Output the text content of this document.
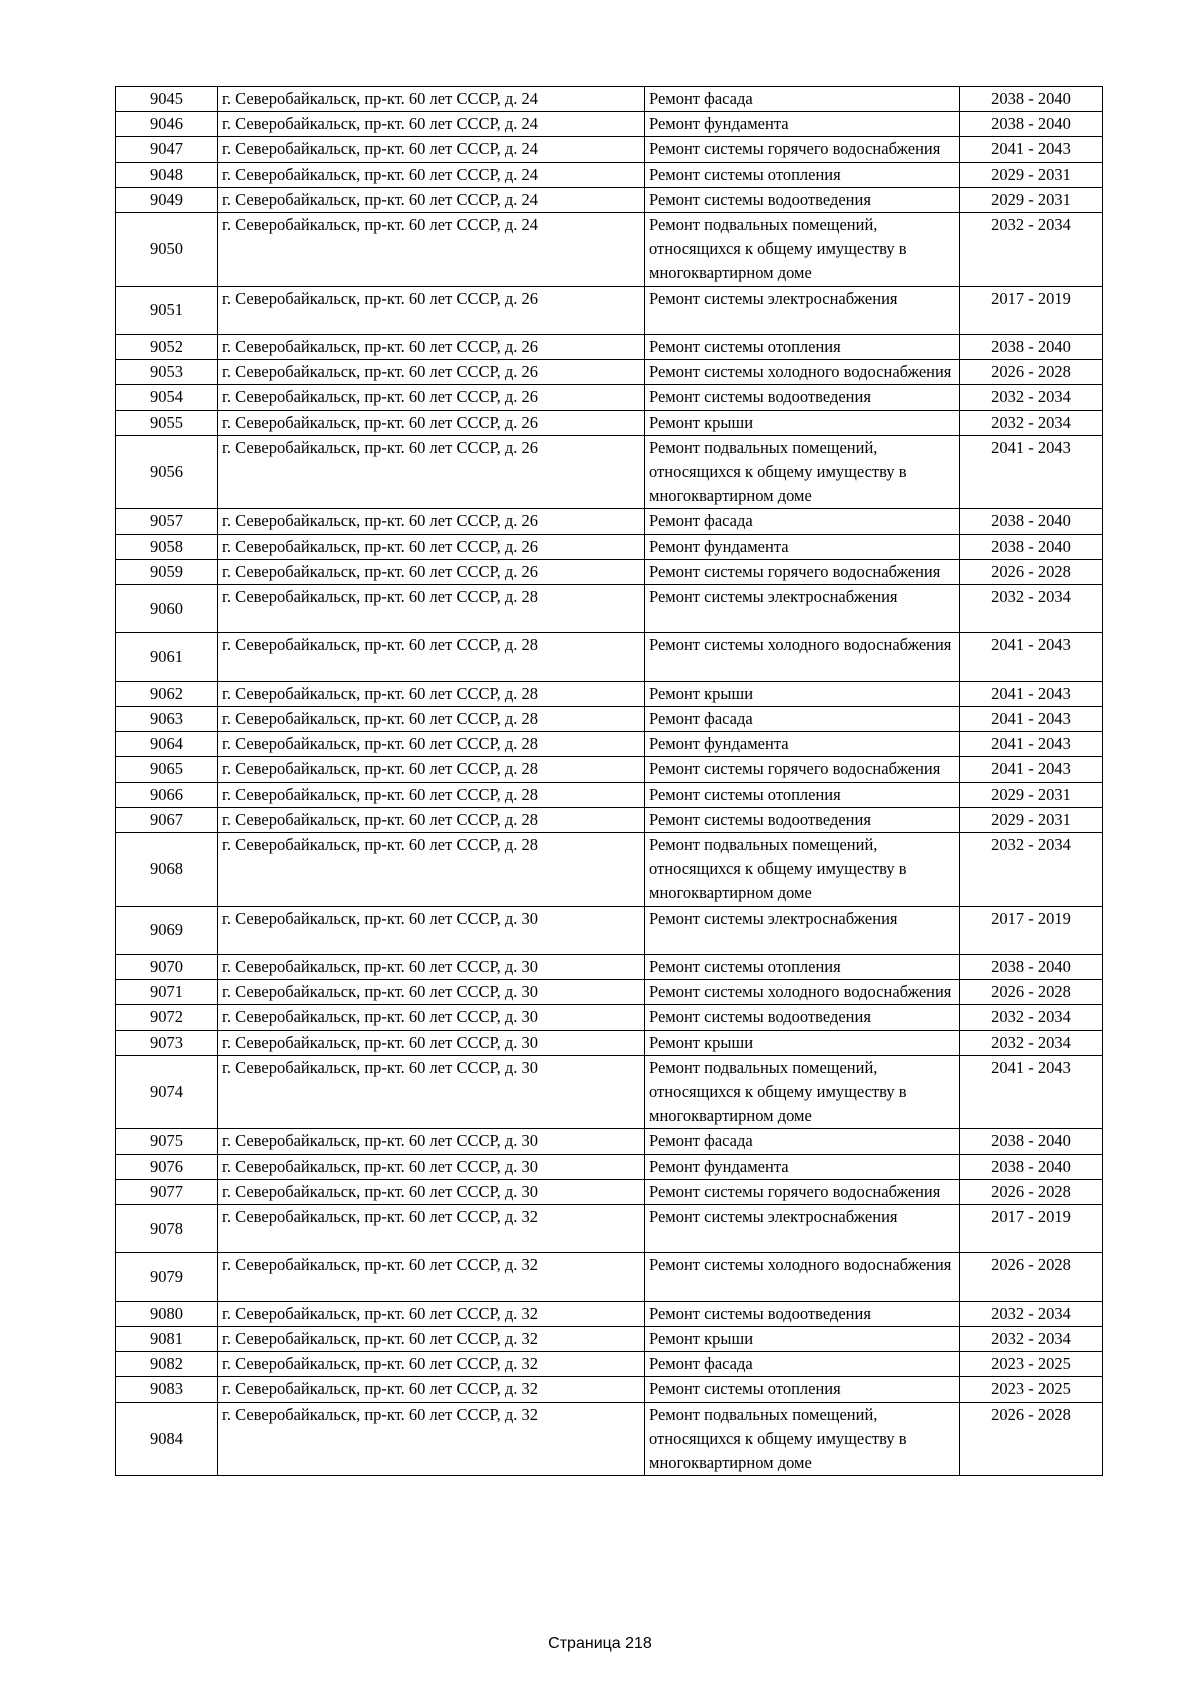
9045	г. Северобайкальск, пр-кт. 60 лет СССР, д. 24	Ремонт фасада	2038 - 2040
9046	г. Северобайкальск, пр-кт. 60 лет СССР, д. 24	Ремонт фундамента	2038 - 2040
9047	г. Северобайкальск, пр-кт. 60 лет СССР, д. 24	Ремонт системы горячего водоснабжения	2041 - 2043
9048	г. Северобайкальск, пр-кт. 60 лет СССР, д. 24	Ремонт системы отопления	2029 - 2031
9049	г. Северобайкальск, пр-кт. 60 лет СССР, д. 24	Ремонт системы водоотведения	2029 - 2031
9050	г. Северобайкальск, пр-кт. 60 лет СССР, д. 24	Ремонт подвальных помещений, относящихся к общему имуществу в многоквартирном доме	2032 - 2034
9051	г. Северобайкальск, пр-кт. 60 лет СССР, д. 26	Ремонт системы электроснабжения	2017 - 2019
9052	г. Северобайкальск, пр-кт. 60 лет СССР, д. 26	Ремонт системы отопления	2038 - 2040
9053	г. Северобайкальск, пр-кт. 60 лет СССР, д. 26	Ремонт системы холодного водоснабжения	2026 - 2028
9054	г. Северобайкальск, пр-кт. 60 лет СССР, д. 26	Ремонт системы водоотведения	2032 - 2034
9055	г. Северобайкальск, пр-кт. 60 лет СССР, д. 26	Ремонт крыши	2032 - 2034
9056	г. Северобайкальск, пр-кт. 60 лет СССР, д. 26	Ремонт подвальных помещений, относящихся к общему имуществу в многоквартирном доме	2041 - 2043
9057	г. Северобайкальск, пр-кт. 60 лет СССР, д. 26	Ремонт фасада	2038 - 2040
9058	г. Северобайкальск, пр-кт. 60 лет СССР, д. 26	Ремонт фундамента	2038 - 2040
9059	г. Северобайкальск, пр-кт. 60 лет СССР, д. 26	Ремонт системы горячего водоснабжения	2026 - 2028
9060	г. Северобайкальск, пр-кт. 60 лет СССР, д. 28	Ремонт системы электроснабжения	2032 - 2034
9061	г. Северобайкальск, пр-кт. 60 лет СССР, д. 28	Ремонт системы холодного водоснабжения	2041 - 2043
9062	г. Северобайкальск, пр-кт. 60 лет СССР, д. 28	Ремонт крыши	2041 - 2043
9063	г. Северобайкальск, пр-кт. 60 лет СССР, д. 28	Ремонт фасада	2041 - 2043
9064	г. Северобайкальск, пр-кт. 60 лет СССР, д. 28	Ремонт фундамента	2041 - 2043
9065	г. Северобайкальск, пр-кт. 60 лет СССР, д. 28	Ремонт системы горячего водоснабжения	2041 - 2043
9066	г. Северобайкальск, пр-кт. 60 лет СССР, д. 28	Ремонт системы отопления	2029 - 2031
9067	г. Северобайкальск, пр-кт. 60 лет СССР, д. 28	Ремонт системы водоотведения	2029 - 2031
9068	г. Северобайкальск, пр-кт. 60 лет СССР, д. 28	Ремонт подвальных помещений, относящихся к общему имуществу в многоквартирном доме	2032 - 2034
9069	г. Северобайкальск, пр-кт. 60 лет СССР, д. 30	Ремонт системы электроснабжения	2017 - 2019
9070	г. Северобайкальск, пр-кт. 60 лет СССР, д. 30	Ремонт системы отопления	2038 - 2040
9071	г. Северобайкальск, пр-кт. 60 лет СССР, д. 30	Ремонт системы холодного водоснабжения	2026 - 2028
9072	г. Северобайкальск, пр-кт. 60 лет СССР, д. 30	Ремонт системы водоотведения	2032 - 2034
9073	г. Северобайкальск, пр-кт. 60 лет СССР, д. 30	Ремонт крыши	2032 - 2034
9074	г. Северобайкальск, пр-кт. 60 лет СССР, д. 30	Ремонт подвальных помещений, относящихся к общему имуществу в многоквартирном доме	2041 - 2043
9075	г. Северобайкальск, пр-кт. 60 лет СССР, д. 30	Ремонт фасада	2038 - 2040
9076	г. Северобайкальск, пр-кт. 60 лет СССР, д. 30	Ремонт фундамента	2038 - 2040
9077	г. Северобайкальск, пр-кт. 60 лет СССР, д. 30	Ремонт системы горячего водоснабжения	2026 - 2028
9078	г. Северобайкальск, пр-кт. 60 лет СССР, д. 32	Ремонт системы электроснабжения	2017 - 2019
9079	г. Северобайкальск, пр-кт. 60 лет СССР, д. 32	Ремонт системы холодного водоснабжения	2026 - 2028
9080	г. Северобайкальск, пр-кт. 60 лет СССР, д. 32	Ремонт системы водоотведения	2032 - 2034
9081	г. Северобайкальск, пр-кт. 60 лет СССР, д. 32	Ремонт крыши	2032 - 2034
9082	г. Северобайкальск, пр-кт. 60 лет СССР, д. 32	Ремонт фасада	2023 - 2025
9083	г. Северобайкальск, пр-кт. 60 лет СССР, д. 32	Ремонт системы отопления	2023 - 2025
9084	г. Северобайкальск, пр-кт. 60 лет СССР, д. 32	Ремонт подвальных помещений, относящихся к общему имуществу в многоквартирном доме	2026 - 2028
Страница 218
